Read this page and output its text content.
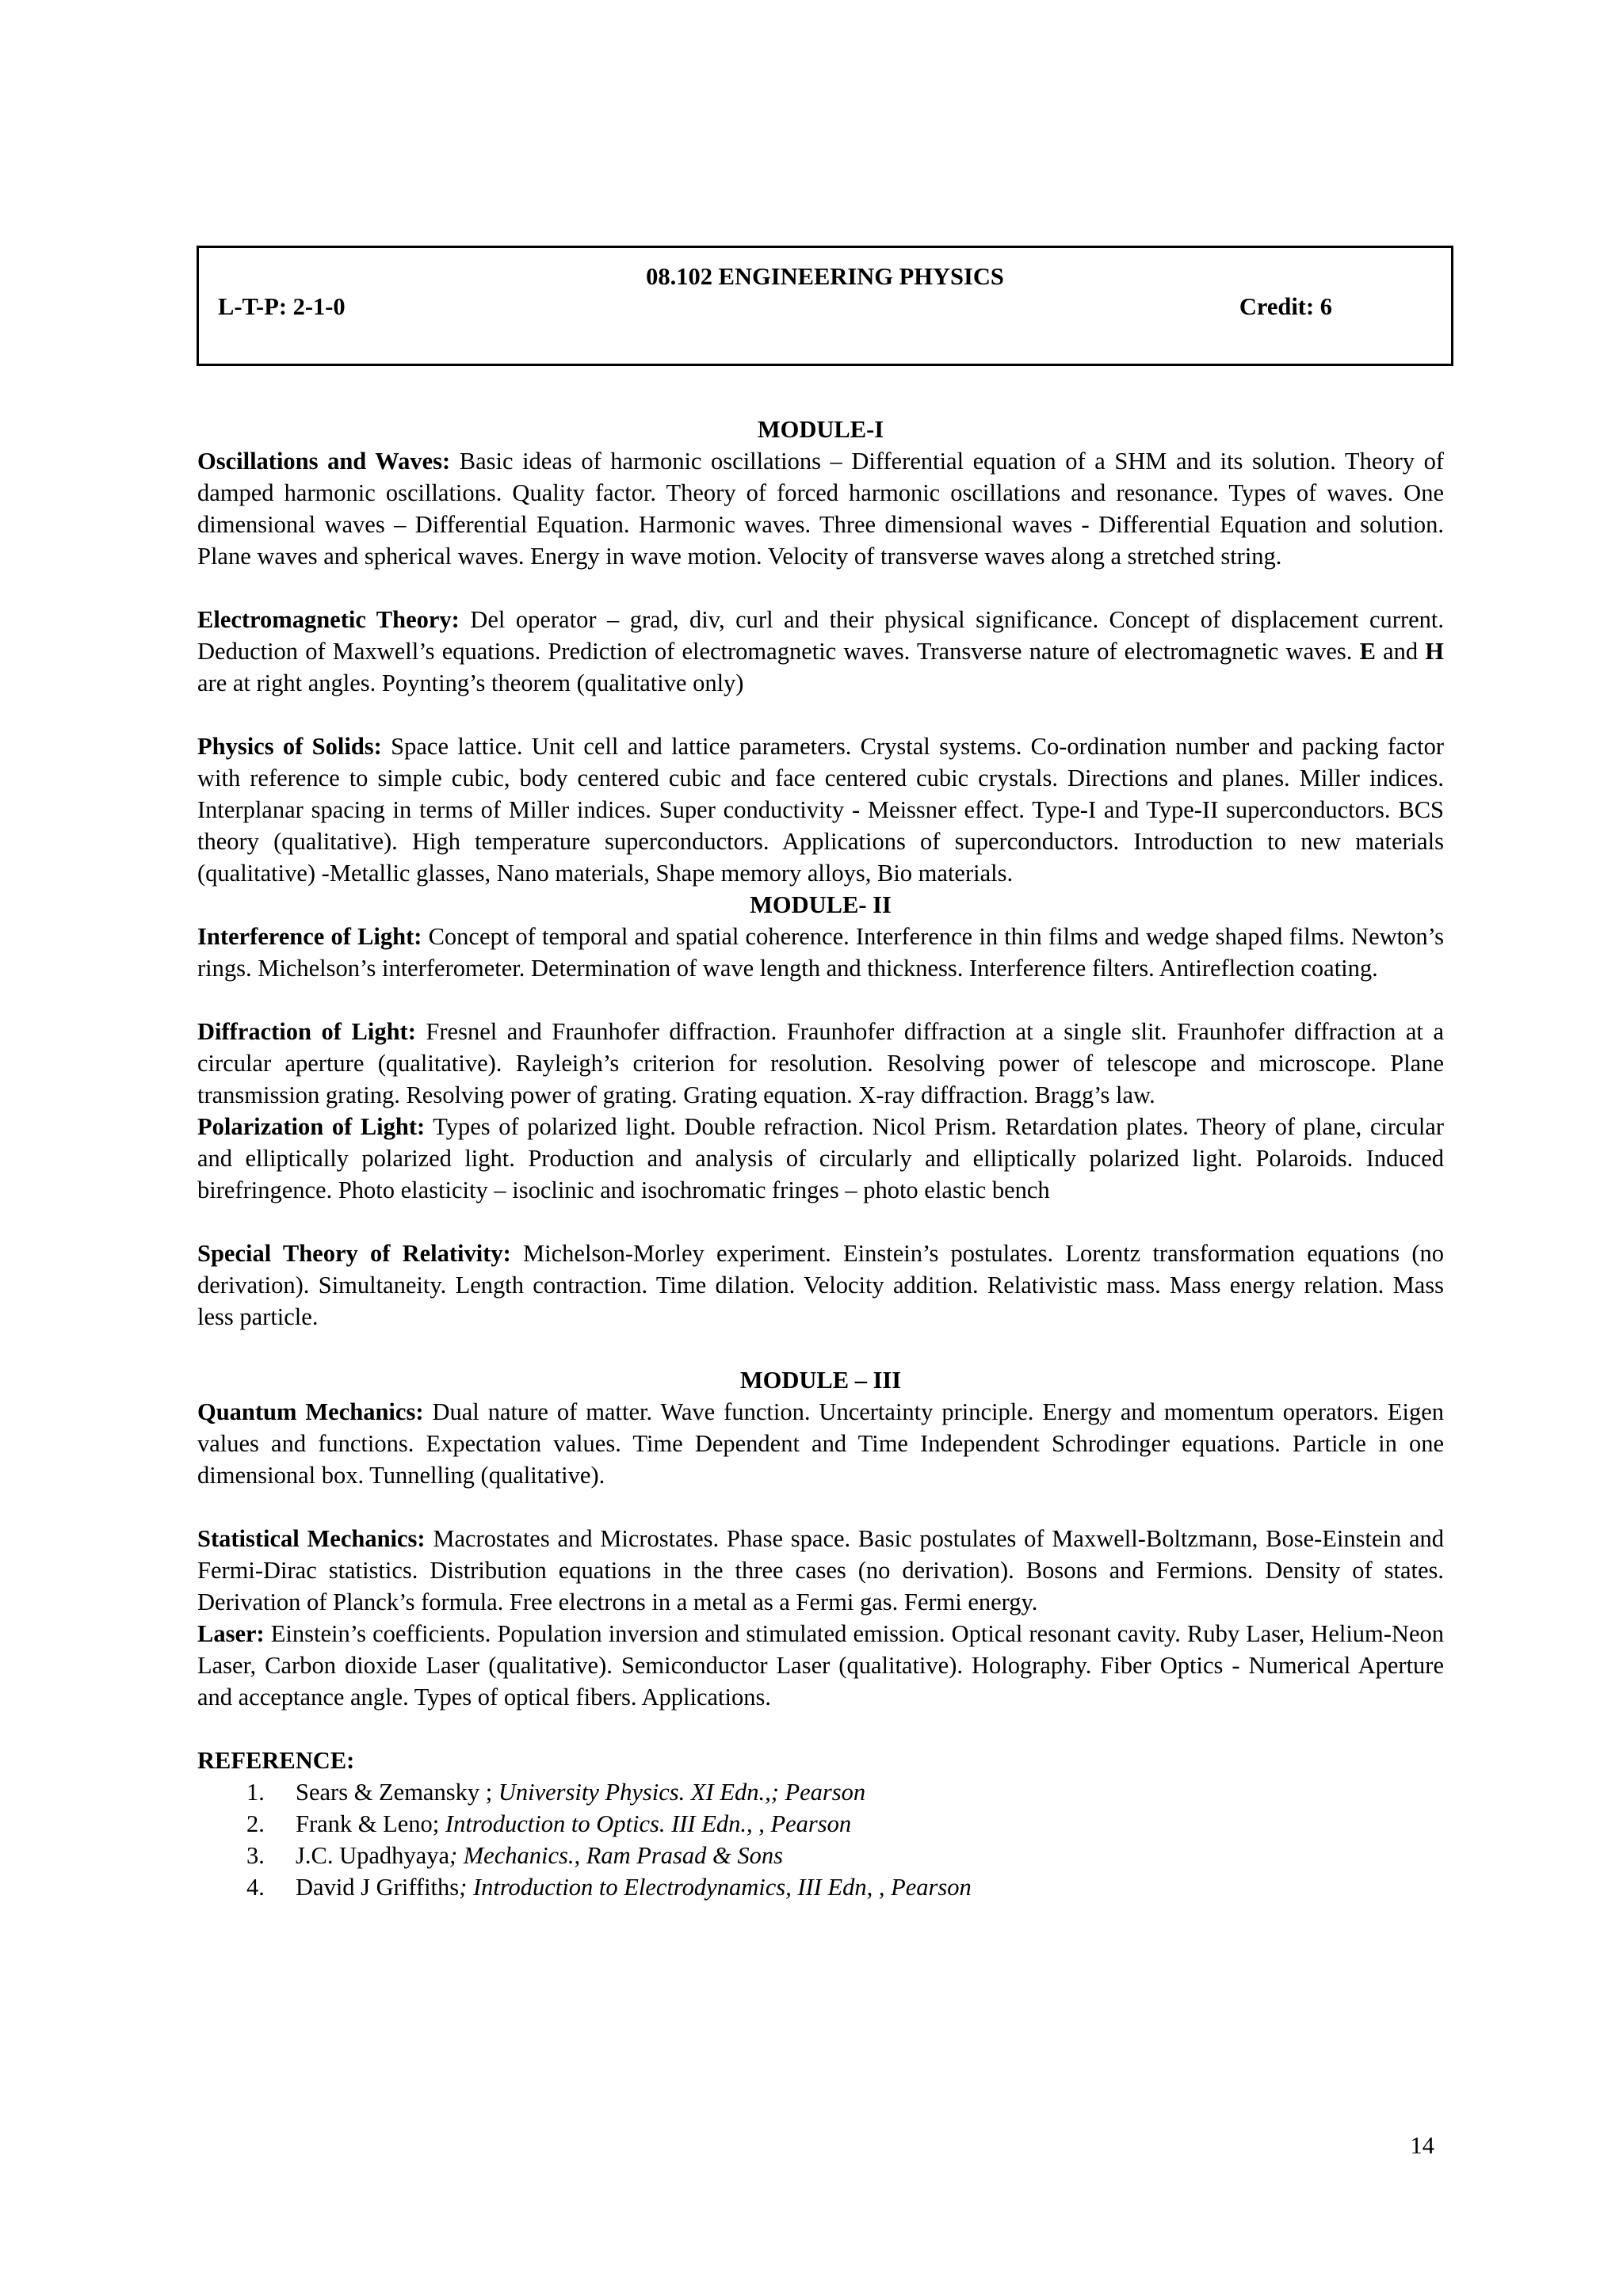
08.102 ENGINEERING PHYSICS
L-T-P: 2-1-0	Credit: 6

MODULE-I

Oscillations and Waves: Basic ideas of harmonic oscillations – Differential equation of a SHM and its solution. Theory of damped harmonic oscillations. Quality factor. Theory of forced harmonic oscillations and resonance. Types of waves. One dimensional waves – Differential Equation. Harmonic waves. Three dimensional waves - Differential Equation and solution. Plane waves and spherical waves. Energy in wave motion. Velocity of transverse waves along a stretched string.

Electromagnetic Theory: Del operator – grad, div, curl and their physical significance. Concept of displacement current. Deduction of Maxwell’s equations. Prediction of electromagnetic waves. Transverse nature of electromagnetic waves. E and H are at right angles. Poynting’s theorem (qualitative only)

Physics of Solids: Space lattice. Unit cell and lattice parameters. Crystal systems. Co-ordination number and packing factor with reference to simple cubic, body centered cubic and face centered cubic crystals. Directions and planes. Miller indices. Interplanar spacing in terms of Miller indices. Super conductivity - Meissner effect. Type-I and Type-II superconductors. BCS theory (qualitative). High temperature superconductors. Applications of superconductors. Introduction to new materials (qualitative) -Metallic glasses, Nano materials, Shape memory alloys, Bio materials.

MODULE- II

Interference of Light: Concept of temporal and spatial coherence. Interference in thin films and wedge shaped films. Newton’s rings. Michelson’s interferometer. Determination of wave length and thickness. Interference filters. Antireflection coating.

Diffraction of Light: Fresnel and Fraunhofer diffraction. Fraunhofer diffraction at a single slit. Fraunhofer diffraction at a circular aperture (qualitative). Rayleigh’s criterion for resolution. Resolving power of telescope and microscope. Plane transmission grating. Resolving power of grating. Grating equation. X-ray diffraction. Bragg’s law.

Polarization of Light: Types of polarized light. Double refraction. Nicol Prism. Retardation plates. Theory of plane, circular and elliptically polarized light. Production and analysis of circularly and elliptically polarized light. Polaroids. Induced birefringence. Photo elasticity – isoclinic and isochromatic fringes – photo elastic bench

Special Theory of Relativity: Michelson-Morley experiment. Einstein’s postulates. Lorentz transformation equations (no derivation). Simultaneity. Length contraction. Time dilation. Velocity addition. Relativistic mass. Mass energy relation. Mass less particle.

MODULE – III

Quantum Mechanics: Dual nature of matter. Wave function. Uncertainty principle. Energy and momentum operators. Eigen values and functions. Expectation values. Time Dependent and Time Independent Schrodinger equations. Particle in one dimensional box. Tunnelling (qualitative).

Statistical Mechanics: Macrostates and Microstates. Phase space. Basic postulates of Maxwell-Boltzmann, Bose-Einstein and Fermi-Dirac statistics. Distribution equations in the three cases (no derivation). Bosons and Fermions. Density of states. Derivation of Planck’s formula. Free electrons in a metal as a Fermi gas. Fermi energy.

Laser: Einstein’s coefficients. Population inversion and stimulated emission. Optical resonant cavity. Ruby Laser, Helium-Neon Laser, Carbon dioxide Laser (qualitative). Semiconductor Laser (qualitative). Holography. Fiber Optics - Numerical Aperture and acceptance angle. Types of optical fibers. Applications.

REFERENCE:

1. Sears & Zemansky ; University Physics. XI Edn.,; Pearson
2. Frank & Leno; Introduction to Optics. III Edn., , Pearson
3. J.C. Upadhyaya; Mechanics., Ram Prasad & Sons
4. David J Griffiths; Introduction to Electrodynamics, III Edn, , Pearson
14
